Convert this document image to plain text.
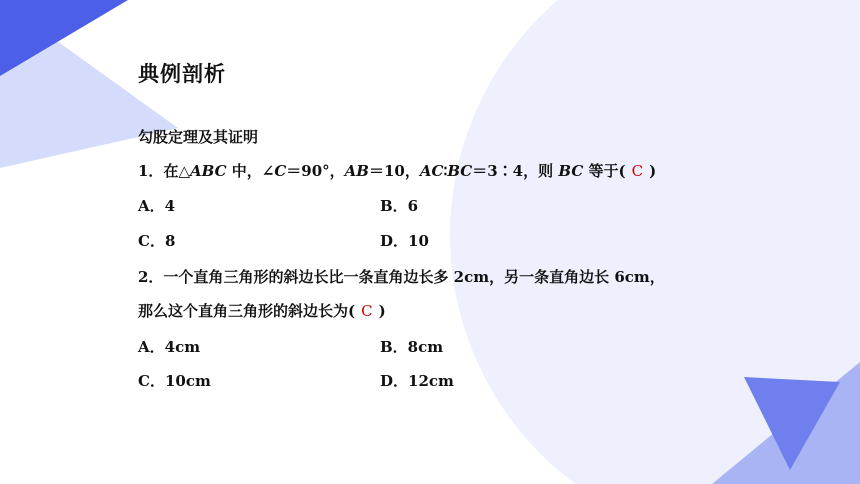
典例剖析
勾股定理及其证明
1．在△ABC 中，∠C＝90°，AB＝10，AC∶BC＝3∶4，则 BC 等于( C )
A．4	B．6
C．8	D．10
2．一个直角三角形的斜边长比一条直角边长多 2cm，另一条直角边长 6cm，
那么这个直角三角形的斜边长为( C )
A．4cm	B．8cm
C．10cm	D．12cm
